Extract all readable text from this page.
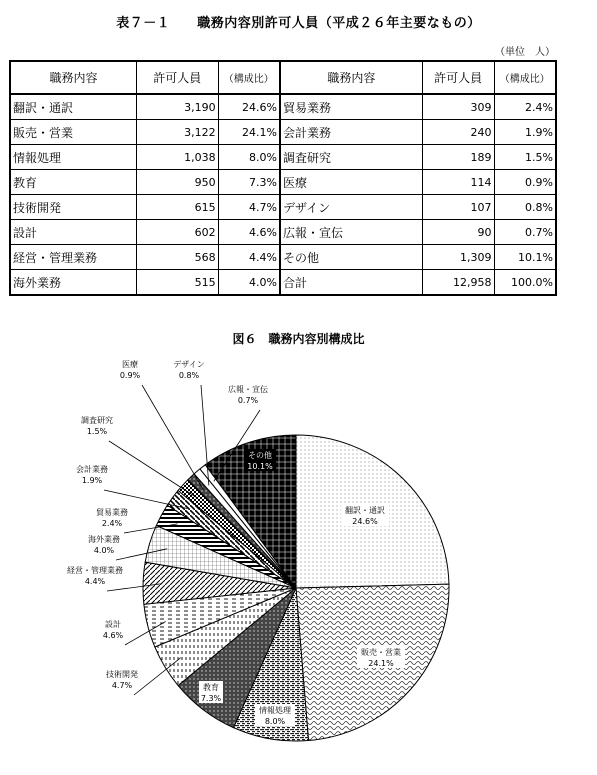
表７－１　　職務内容別許可人員（平成２６年主要なもの）
（単位　人）
職務内容	許可人員	（構成比）	職務内容	許可人員	（構成比）
翻訳・通訳	3,190	24.6%	貿易業務	309	2.4%
販売・営業	3,122	24.1%	会計業務	240	1.9%
情報処理	1,038	8.0%	調査研究	189	1.5%
教育	950	7.3%	医療	114	0.9%
技術開発	615	4.7%	デザイン	107	0.8%
設計	602	4.6%	広報・宣伝	90	0.7%
経営・管理業務	568	4.4%	その他	1,309	10.1%
海外業務	515	4.0%	合計	12,958	100.0%
図６　職務内容別構成比
翻訳・通訳
24.6%
販売・営業
24.1%
情報処理
8.0%
教育
7.3%
技術開発
4.7%
設計
4.6%
経営・管理業務
4.4%
海外業務
4.0%
貿易業務
2.4%
会計業務
1.9%
調査研究
1.5%
医療
0.9%
デザイン
0.8%
広報・宣伝
0.7%
その他
10.1%
